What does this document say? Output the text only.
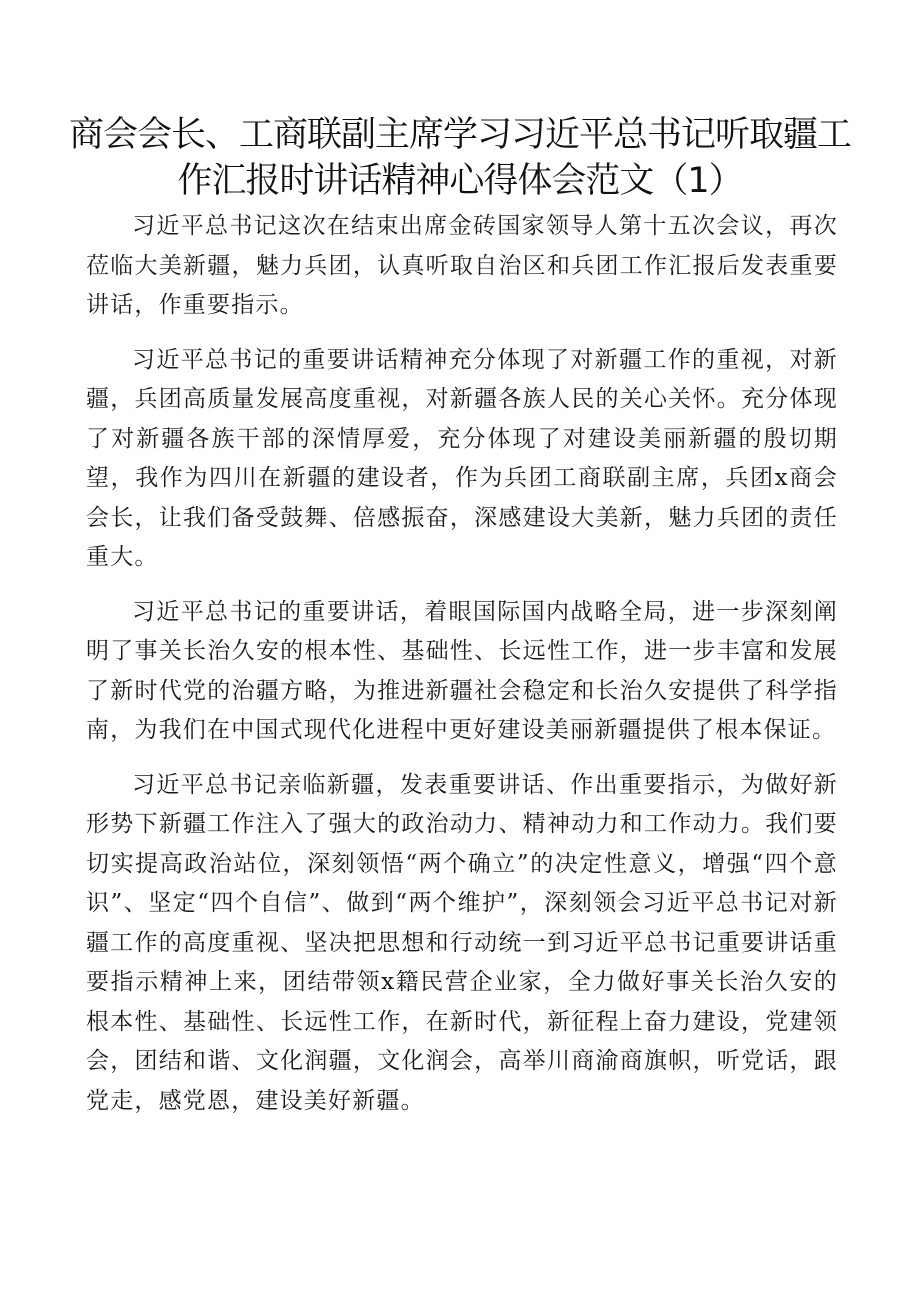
商会会长、工商联副主席学习习近平总书记听取疆工作汇报时讲话精神心得体会范文（1）

习近平总书记这次在结束出席金砖国家领导人第十五次会议，再次莅临大美新疆，魅力兵团，认真听取自治区和兵团工作汇报后发表重要讲话，作重要指示。

习近平总书记的重要讲话精神充分体现了对新疆工作的重视，对新疆，兵团高质量发展高度重视，对新疆各族人民的关心关怀。充分体现了对新疆各族干部的深情厚爱，充分体现了对建设美丽新疆的殷切期望，我作为四川在新疆的建设者，作为兵团工商联副主席，兵团x商会会长，让我们备受鼓舞、倍感振奋，深感建设大美新，魅力兵团的责任重大。

习近平总书记的重要讲话，着眼国际国内战略全局，进一步深刻阐明了事关长治久安的根本性、基础性、长远性工作，进一步丰富和发展了新时代党的治疆方略，为推进新疆社会稳定和长治久安提供了科学指南，为我们在中国式现代化进程中更好建设美丽新疆提供了根本保证。

习近平总书记亲临新疆，发表重要讲话、作出重要指示，为做好新形势下新疆工作注入了强大的政治动力、精神动力和工作动力。我们要切实提高政治站位，深刻领悟“两个确立”的决定性意义，增强“四个意识”、坚定“四个自信”、做到“两个维护”，深刻领会习近平总书记对新疆工作的高度重视、坚决把思想和行动统一到习近平总书记重要讲话重要指示精神上来，团结带领x籍民营企业家，全力做好事关长治久安的根本性、基础性、长远性工作，在新时代，新征程上奋力建设，党建领会，团结和谐、文化润疆，文化润会，高举川商渝商旗帜，听党话，跟党走，感党恩，建设美好新疆。
